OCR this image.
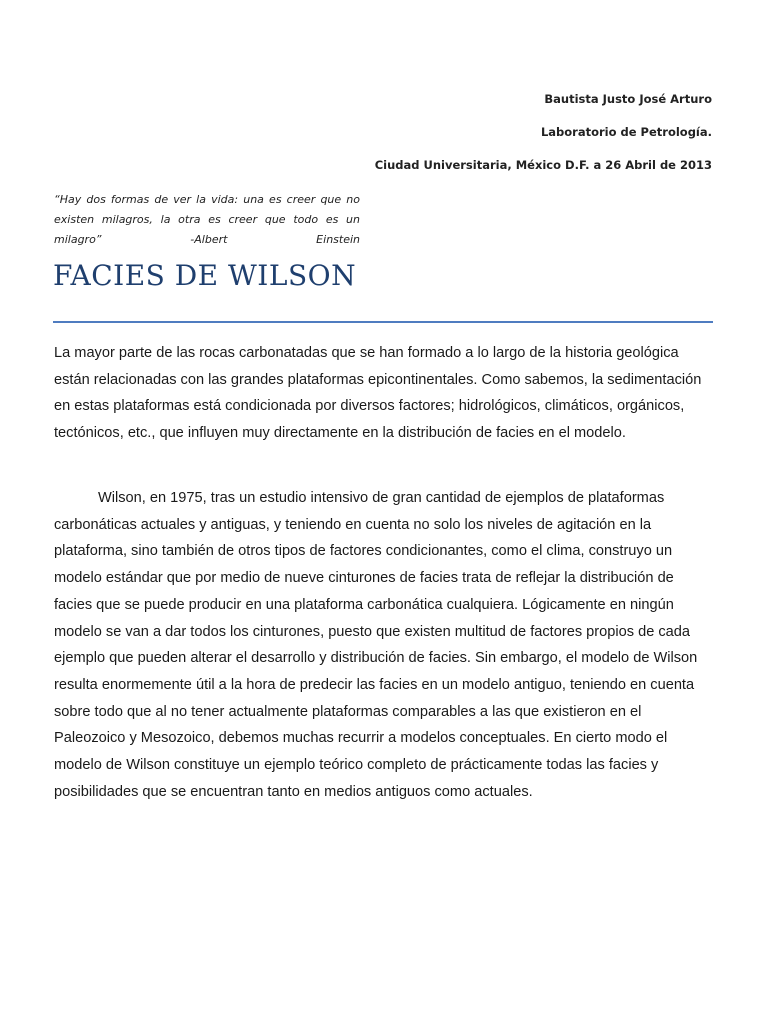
Bautista Justo José Arturo
Laboratorio de Petrología.
Ciudad Universitaria, México D.F. a 26 Abril de 2013
“Hay dos formas de ver la vida: una es creer que no existen milagros, la otra es creer que todo es un milagro” -Albert Einstein
FACIES DE WILSON
La mayor parte de las rocas carbonatadas que se han formado a lo largo de la historia geológica están relacionadas con las grandes plataformas epicontinentales. Como sabemos, la sedimentación en estas plataformas está condicionada por diversos factores; hidrológicos, climáticos, orgánicos, tectónicos, etc., que influyen muy directamente en la distribución de facies en el modelo.
Wilson, en 1975, tras un estudio intensivo de gran cantidad de ejemplos de plataformas carbonáticas actuales y antiguas, y teniendo en cuenta no solo los niveles de agitación en la plataforma, sino también de otros tipos de factores condicionantes, como el clima, construyo un modelo estándar que por medio de nueve cinturones de facies trata de reflejar la distribución de facies que se puede producir en una plataforma carbonática cualquiera. Lógicamente en ningún modelo se van a dar todos los cinturones, puesto que existen multitud de factores propios de cada ejemplo que pueden alterar el desarrollo y distribución de facies. Sin embargo, el modelo de Wilson resulta enormemente útil a la hora de predecir las facies en un modelo antiguo, teniendo en cuenta sobre todo que al no tener actualmente plataformas comparables a las que existieron en el Paleozoico y Mesozoico, debemos muchas recurrir a modelos conceptuales. En cierto modo el modelo de Wilson constituye un ejemplo teórico completo de prácticamente todas las facies y posibilidades que se encuentran tanto en medios antiguos como actuales.
